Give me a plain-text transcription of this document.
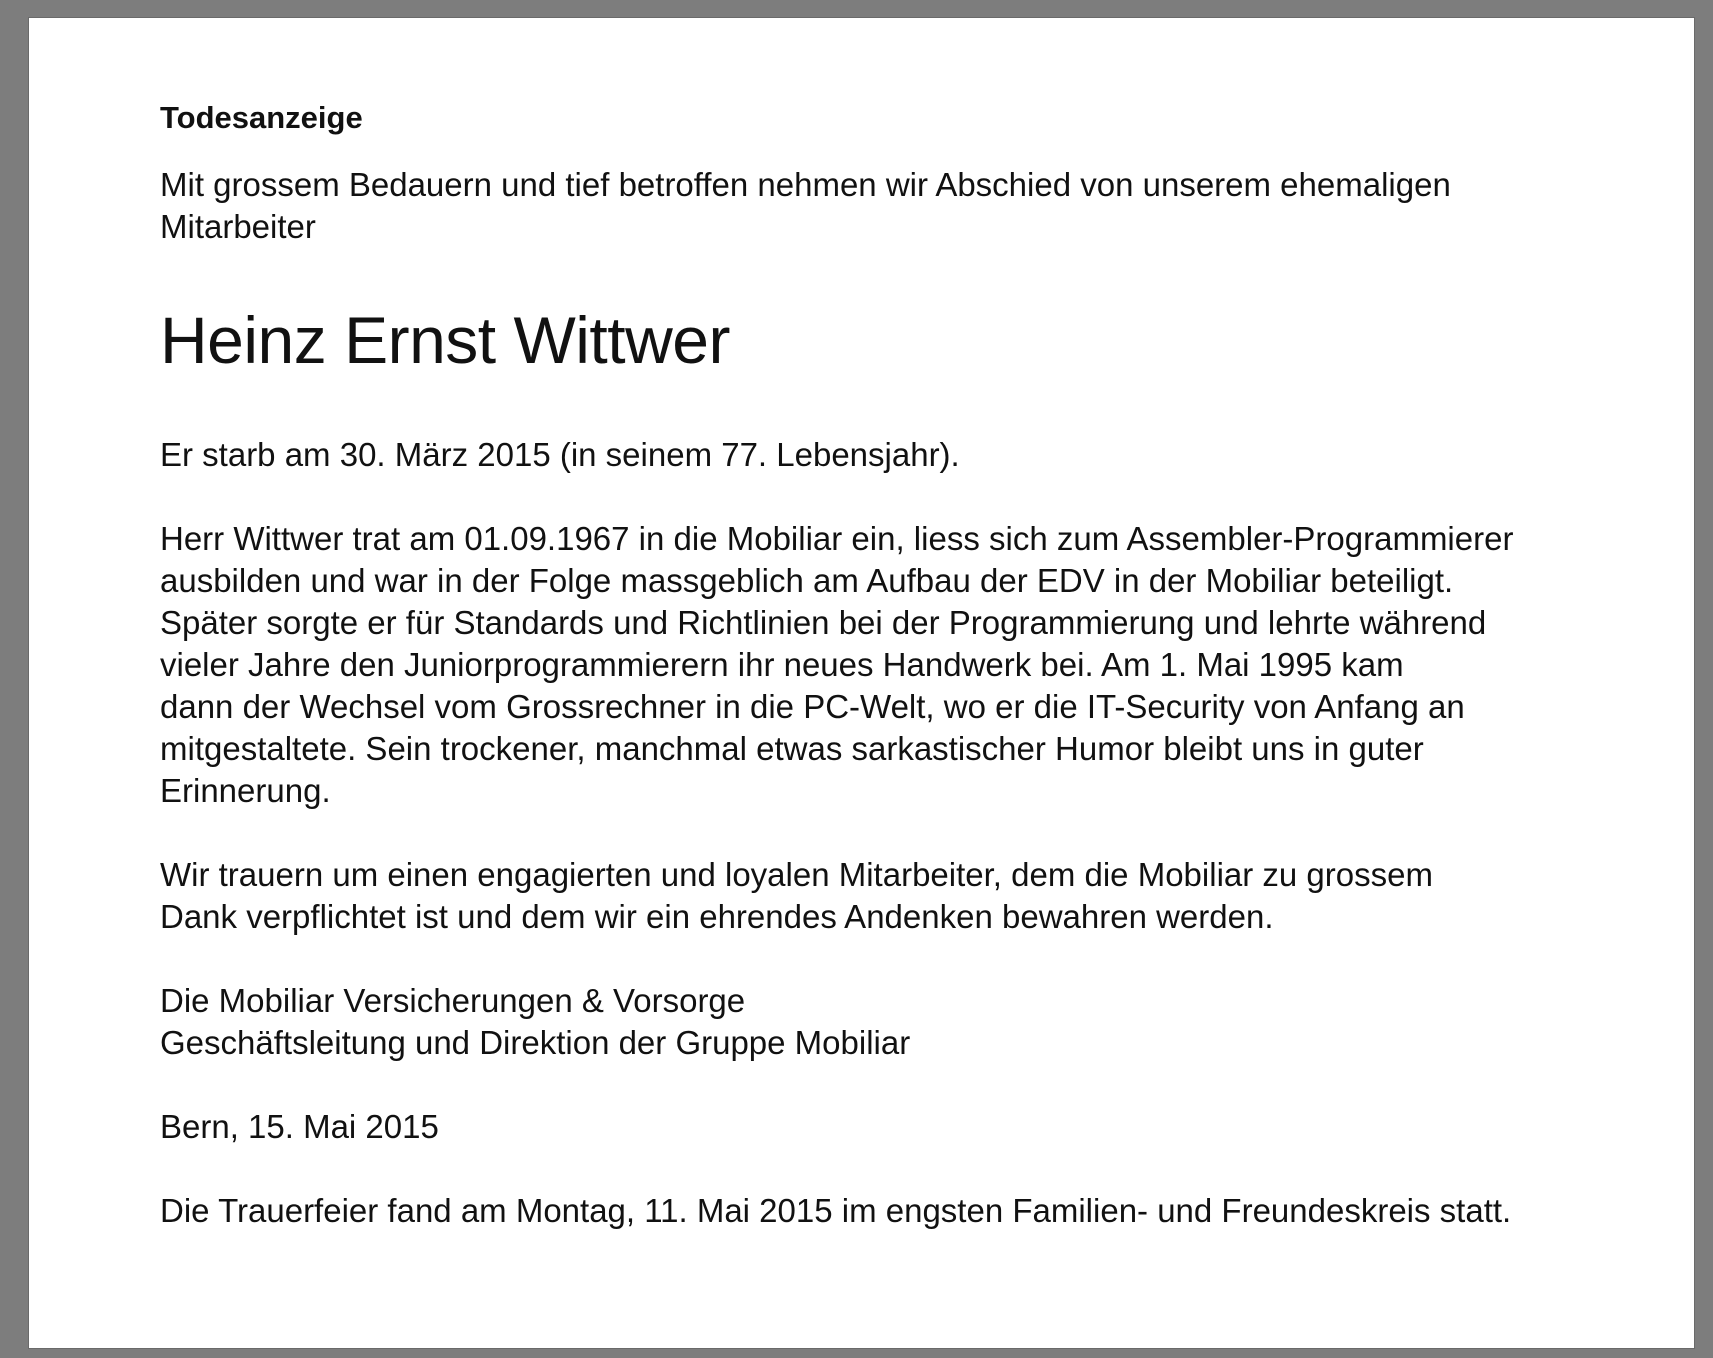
Todesanzeige

Mit grossem Bedauern und tief betroffen nehmen wir Abschied von unserem ehemaligen
Mitarbeiter
Heinz Ernst Wittwer
Er starb am 30. März 2015 (in seinem 77. Lebensjahr).
Herr Wittwer trat am 01.09.1967 in die Mobiliar ein, liess sich zum Assembler-Programmierer
ausbilden und war in der Folge massgeblich am Aufbau der EDV in der Mobiliar beteiligt.
Später sorgte er für Standards und Richtlinien bei der Programmierung und lehrte während
vieler Jahre den Juniorprogrammierern ihr neues Handwerk bei. Am 1. Mai 1995 kam
dann der Wechsel vom Grossrechner in die PC-Welt, wo er die IT-Security von Anfang an
mitgestaltete. Sein trockener, manchmal etwas sarkastischer Humor bleibt uns in guter
Erinnerung.
Wir trauern um einen engagierten und loyalen Mitarbeiter, dem die Mobiliar zu grossem
Dank verpflichtet ist und dem wir ein ehrendes Andenken bewahren werden.
Die Mobiliar Versicherungen & Vorsorge
Geschäftsleitung und Direktion der Gruppe Mobiliar
Bern, 15. Mai 2015
Die Trauerfeier fand am Montag, 11. Mai 2015 im engsten Familien- und Freundeskreis statt.
